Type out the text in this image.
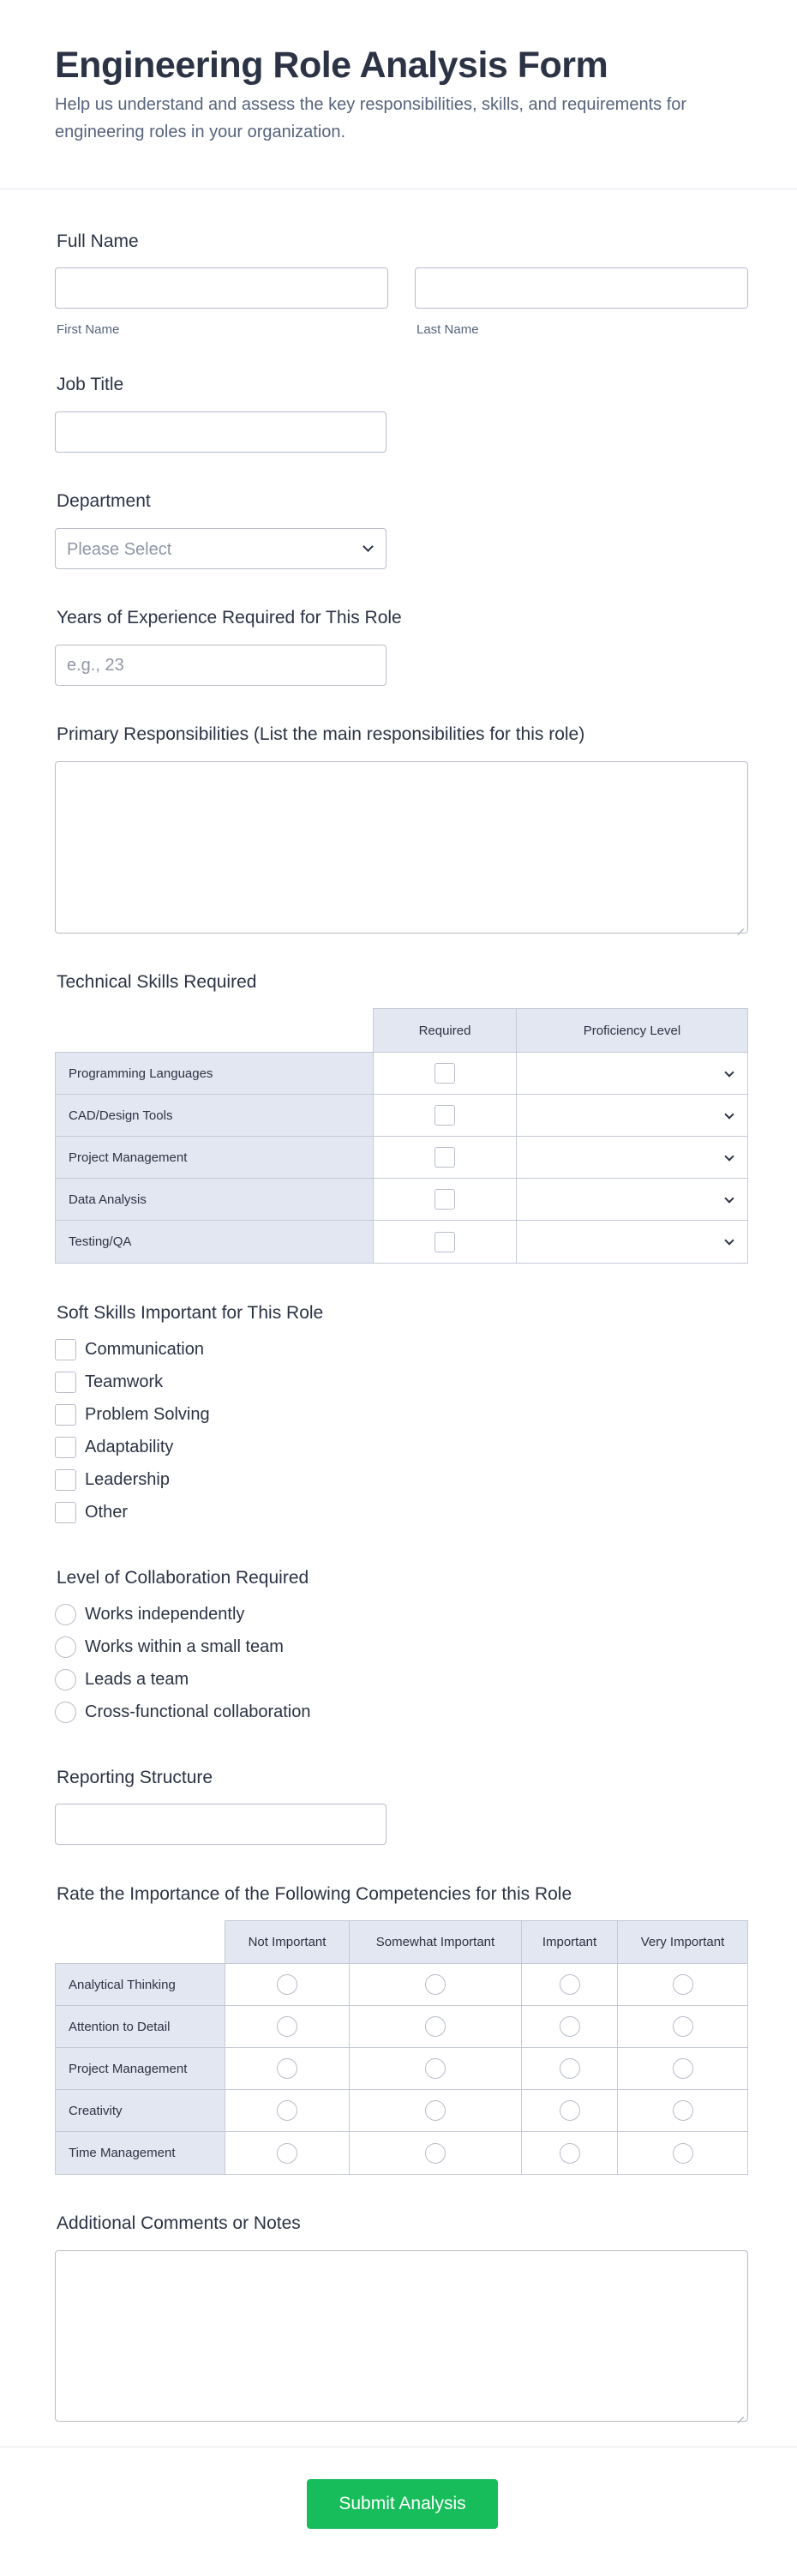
Engineering Role Analysis Form
Help us understand and assess the key responsibilities, skills, and requirements for engineering roles in your organization.
Full Name
First Name	Last Name
Job Title
Department
Please Select
Years of Experience Required for This Role
e.g., 23
Primary Responsibilities (List the main responsibilities for this role)
Technical Skills Required
Required	Proficiency Level
Programming Languages
CAD/Design Tools
Project Management
Data Analysis
Testing/QA
Soft Skills Important for This Role
Communication
Teamwork
Problem Solving
Adaptability
Leadership
Other
Level of Collaboration Required
Works independently
Works within a small team
Leads a team
Cross-functional collaboration
Reporting Structure
Rate the Importance of the Following Competencies for this Role
Not Important	Somewhat Important	Important	Very Important
Analytical Thinking
Attention to Detail
Project Management
Creativity
Time Management
Additional Comments or Notes
Submit Analysis
